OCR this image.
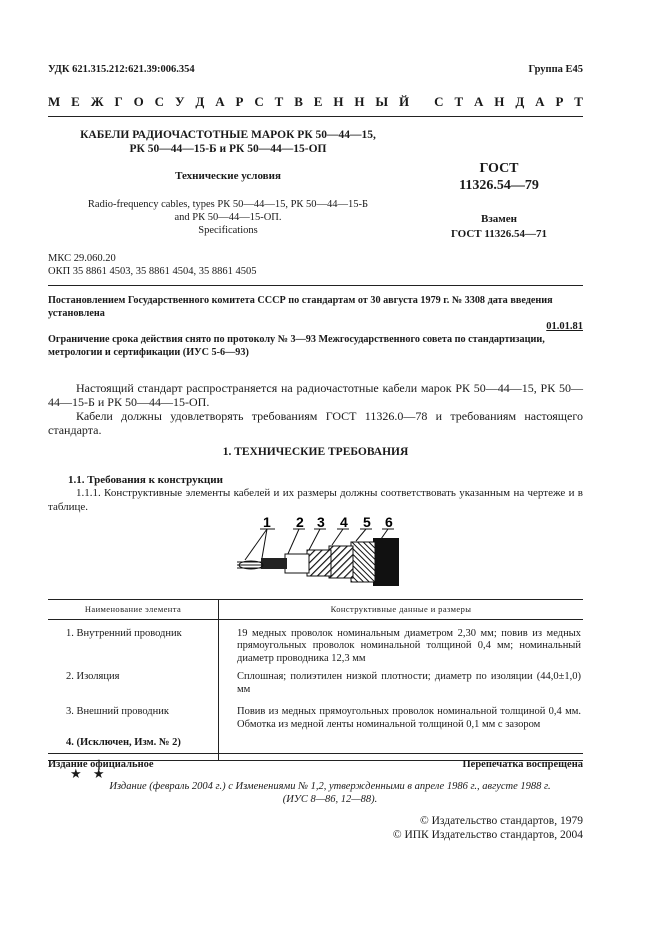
УДК 621.315.212:621.39:006.354	Группа Е45
М Е Ж Г О С У Д А Р С Т В Е Н Н Ы Й
С Т А Н Д А Р Т
КАБЕЛИ РАДИОЧАСТОТНЫЕ МАРОК РК 50—44—15,
РК 50—44—15-Б и РК 50—44—15-ОП
Технические условия
Radio-frequency cables, types РК 50—44—15, РК 50—44—15-Б
and РК 50—44—15-ОП.
Specifications
ГОСТ
11326.54—79
Взамен
ГОСТ 11326.54—71
МКС 29.060.20
ОКП 35 8861 4503, 35 8861 4504, 35 8861 4505
Постановлением Государственного комитета СССР по стандартам от 30 августа 1979 г. № 3308 дата введения установлена
01.01.81
Ограничение срока действия снято по протоколу № 3—93 Межгосударственного совета по стандартизации, метрологии и сертификации (ИУС 5-6—93)
Настоящий стандарт распространяется на радиочастотные кабели марок РК 50—44—15, РК 50—44—15-Б и РК 50—44—15-ОП.
Кабели должны удовлетворять требованиям ГОСТ 11326.0—78 и требованиям настоящего стандарта.
1. ТЕХНИЧЕСКИЕ ТРЕБОВАНИЯ
1.1. Требования к конструкции
1.1.1. Конструктивные элементы кабелей и их размеры должны соответствовать указанным на чертеже и в таблице.
1 2 3 4 5 6
Наименование элемента	Конструктивные данные и размеры
1. Внутренний проводник	19 медных проволок номинальным диаметром 2,30 мм; повив из медных прямоугольных проволок номинальной толщиной 0,4 мм; номинальный диаметр проводника 12,3 мм
2. Изоляция	Сплошная; полиэтилен низкой плотности; диаметр по изоляции (44,0±1,0) мм
3. Внешний проводник	Повив из медных прямоугольных проволок номинальной толщиной 0,4 мм. Обмотка из медной ленты номинальной толщиной 0,1 мм с зазором
4. (Исключен, Изм. № 2)	
Издание официальное	Перепечатка воспрещена
★ ★
Издание (февраль 2004 г.) с Изменениями № 1,2, утвержденными в апреле 1986 г., августе 1988 г.
(ИУС 8—86, 12—88).
© Издательство стандартов, 1979
© ИПК Издательство стандартов, 2004
